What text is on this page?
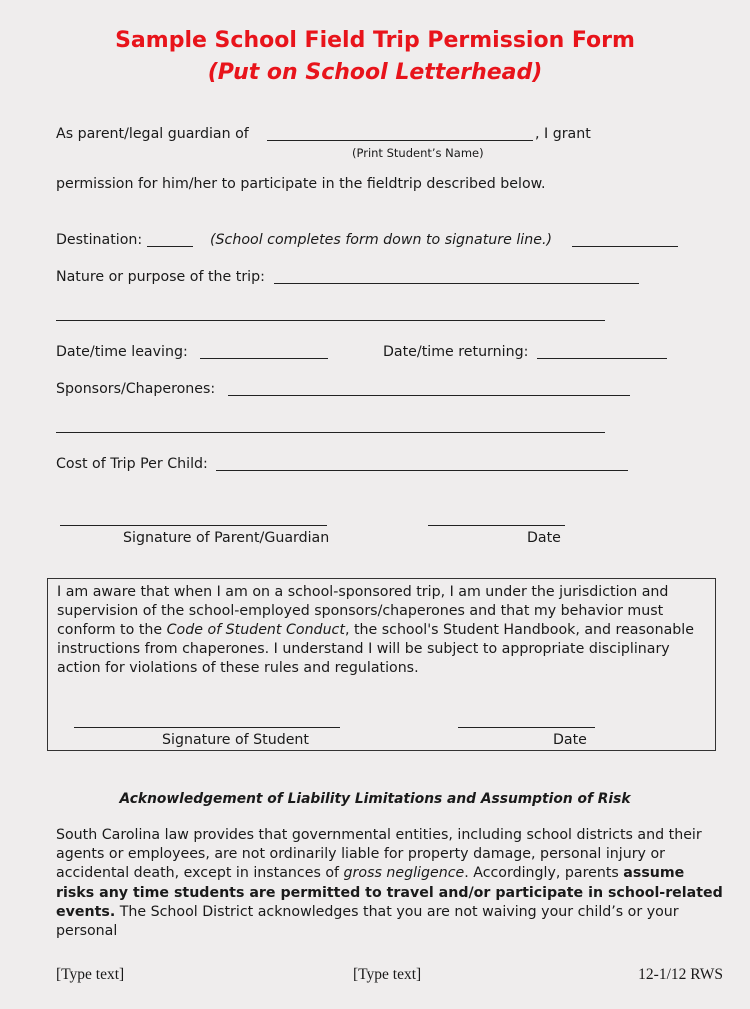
Sample School Field Trip Permission Form
(Put on School Letterhead)
As parent/legal guardian of	, I grant
(Print Student’s Name)
permission for him/her to participate in the fieldtrip described below.
Destination:	(School completes form down to signature line.)
Nature or purpose of the trip:
Date/time leaving:	Date/time returning:
Sponsors/Chaperones:
Cost of Trip Per Child:
Signature of Parent/Guardian	Date
I am aware that when I am on a school-sponsored trip, I am under the jurisdiction and supervision of the school-employed sponsors/chaperones and that my behavior must conform to the Code of Student Conduct, the school's Student Handbook, and reasonable instructions from chaperones. I understand I will be subject to appropriate disciplinary action for violations of these rules and regulations.
Signature of Student	Date
Acknowledgement of Liability Limitations and Assumption of Risk
South Carolina law provides that governmental entities, including school districts and their agents or employees, are not ordinarily liable for property damage, personal injury or accidental death, except in instances of gross negligence. Accordingly, parents assume risks any time students are permitted to travel and/or participate in school-related events. The School District acknowledges that you are not waiving your child’s or your personal
[Type text]	[Type text]	12-1/12 RWS
